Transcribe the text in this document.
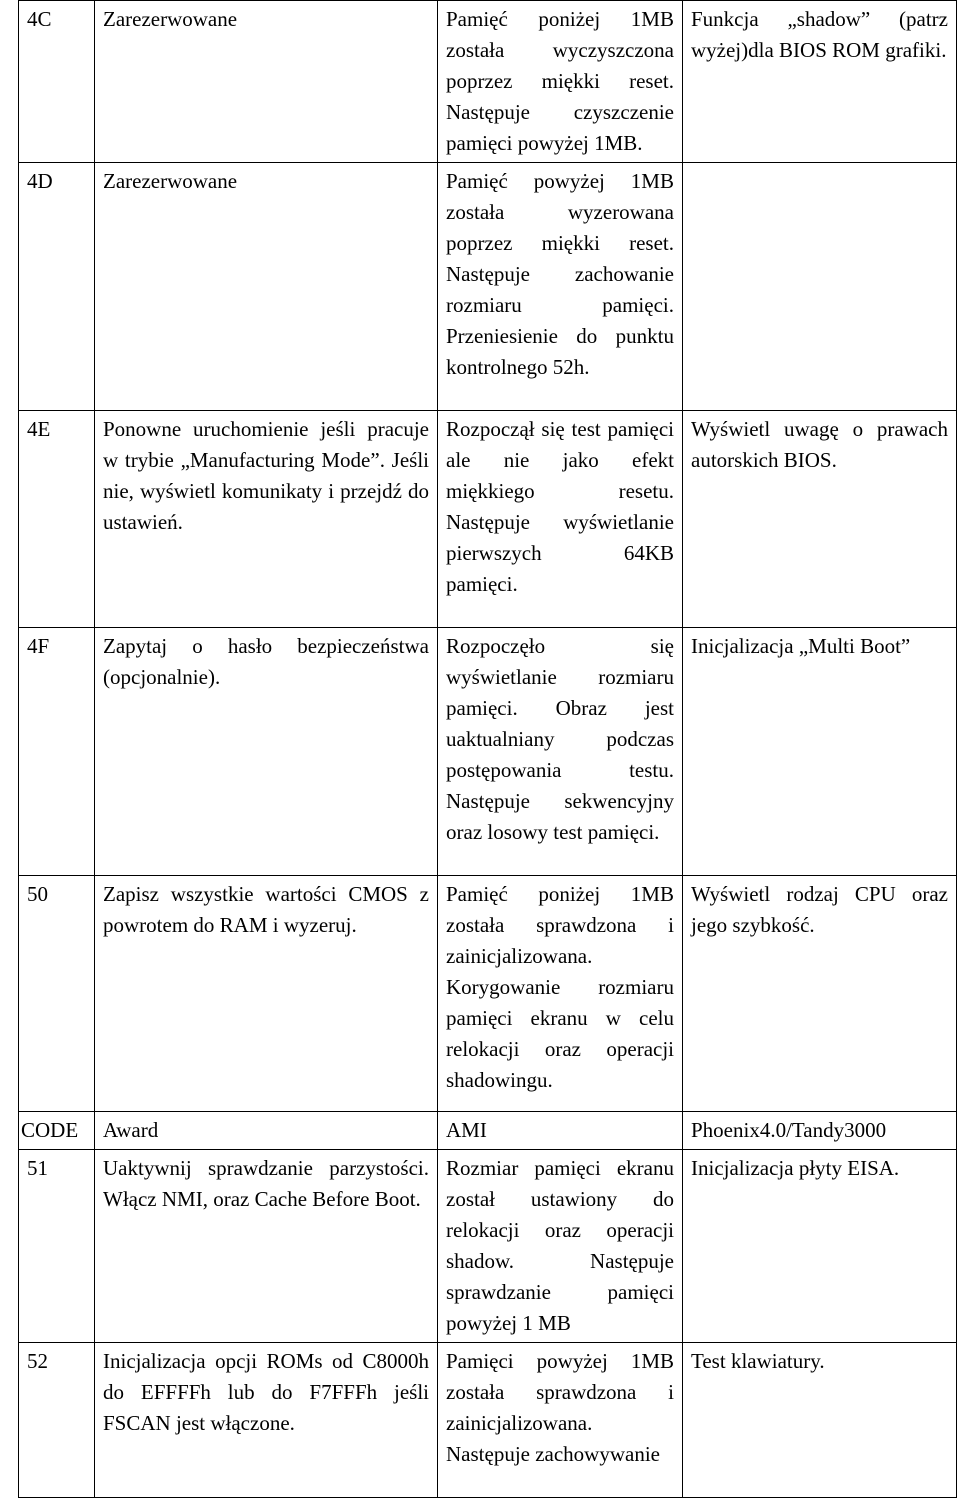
4C	Zarezerwowane	Pamięć poniżej 1MB została wyczyszczona poprzez miękki reset. Następuje czyszczenie pamięci powyżej 1MB.	Funkcja „shadow” (patrz wyżej)dla BIOS ROM grafiki.
4D	Zarezerwowane	Pamięć powyżej 1MB została wyzerowana poprzez miękki reset. Następuje zachowanie rozmiaru pamięci. Przeniesienie do punktu kontrolnego 52h.	
4E	Ponowne uruchomienie jeśli pracuje w trybie „Manufacturing Mode”. Jeśli nie, wyświetl komunikaty i przejdź do ustawień.	Rozpoczął się test pamięci ale nie jako efekt miękkiego resetu. Następuje wyświetlanie pierwszych 64KB pamięci.	Wyświetl uwagę o prawach autorskich BIOS.
4F	Zapytaj o hasło bezpieczeństwa (opcjonalnie).	Rozpoczęło się wyświetlanie rozmiaru pamięci. Obraz jest uaktualniany podczas postępowania testu. Następuje sekwencyjny oraz losowy test pamięci.	Inicjalizacja „Multi Boot”
50	Zapisz wszystkie wartości CMOS z powrotem do RAM i wyzeruj.	Pamięć poniżej 1MB została sprawdzona i zainicjalizowana. Korygowanie rozmiaru pamięci ekranu w celu relokacji oraz operacji shadowingu.	Wyświetl rodzaj CPU oraz jego szybkość.
CODE	Award	AMI	Phoenix4.0/Tandy3000
51	Uaktywnij sprawdzanie parzystości. Włącz NMI, oraz Cache Before Boot.	Rozmiar pamięci ekranu został ustawiony do relokacji oraz operacji shadow. Następuje sprawdzanie pamięci powyżej 1 MB	Inicjalizacja płyty EISA.
52	Inicjalizacja opcji ROMs od C8000h do EFFFFh lub do F7FFFh jeśli FSCAN jest włączone.	Pamięci powyżej 1MB została sprawdzona i zainicjalizowana. Następuje zachowywanie	Test klawiatury.
